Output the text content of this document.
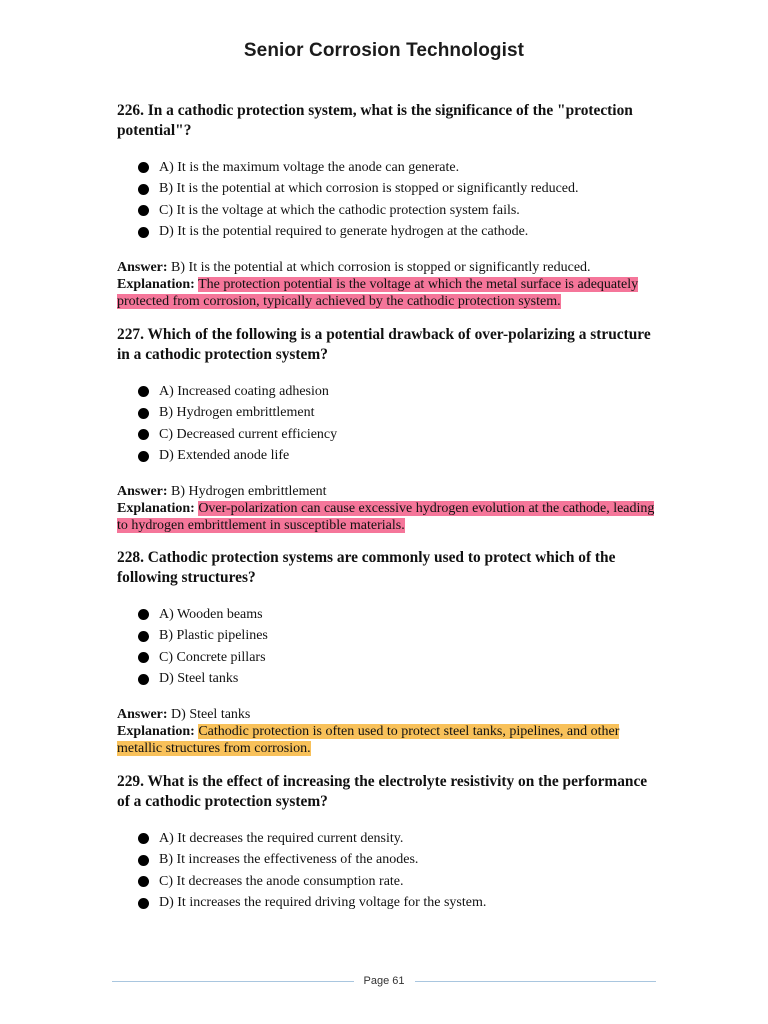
Senior Corrosion Technologist

226. In a cathodic protection system, what is the significance of the "protection potential"?

A) It is the maximum voltage the anode can generate.
B) It is the potential at which corrosion is stopped or significantly reduced.
C) It is the voltage at which the cathodic protection system fails.
D) It is the potential required to generate hydrogen at the cathode.
Answer: B) It is the potential at which corrosion is stopped or significantly reduced.
Explanation: The protection potential is the voltage at which the metal surface is adequately protected from corrosion, typically achieved by the cathodic protection system.

227. Which of the following is a potential drawback of over-polarizing a structure in a cathodic protection system?

A) Increased coating adhesion
B) Hydrogen embrittlement
C) Decreased current efficiency
D) Extended anode life
Answer: B) Hydrogen embrittlement
Explanation: Over-polarization can cause excessive hydrogen evolution at the cathode, leading to hydrogen embrittlement in susceptible materials.

228. Cathodic protection systems are commonly used to protect which of the following structures?

A) Wooden beams
B) Plastic pipelines
C) Concrete pillars
D) Steel tanks
Answer: D) Steel tanks
Explanation: Cathodic protection is often used to protect steel tanks, pipelines, and other metallic structures from corrosion.

229. What is the effect of increasing the electrolyte resistivity on the performance of a cathodic protection system?

A) It decreases the required current density.
B) It increases the effectiveness of the anodes.
C) It decreases the anode consumption rate.
D) It increases the required driving voltage for the system.
Page 61
